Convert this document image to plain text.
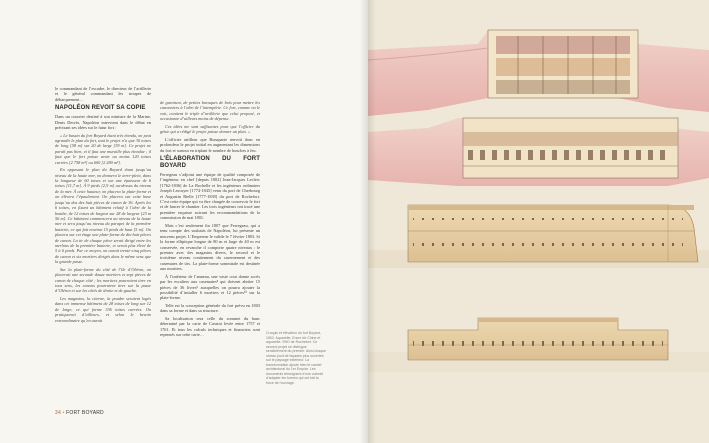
le commandant de l’escadre, le directeur de l’artillerie et le général commandant les troupes de débarquement…

NAPOLÉON REVOIT SA COPIE

Dans un courrier destiné à son ministre de la Marine, Denis Decrès, Napoléon intervient dans le débat en précisant ses idées sur le futur fort :

« Le bassin du fort Boyard étant très étendu, on peut agrandir le plan du fort, tant le projet n’a que 30 toises de long [58 m] sur 20 de large [39 m]. Ce projet ne paraît pas bien, et il faut une muraille plus étendue ; il faut que le fort puisse avoir au moins 120 toises carrées [2 758 m²] ou 600 [2 280 m²].

En opposant le plan du Boyard étant jusqu’au niveau de la haute mer, on donnera le terre-plein, dans la longueur de 60 toises et sur une épaisseur de 6 toises [11,7 m]. À 9 pieds [2,9 m] au-dessus du niveau de la mer. À cette hauteur, on placera la plate-forme et on élèvera l’épaulement. On placera sur cette base jusqu’au dos des huit pièces de canon de 36. Après les 6 toises, en fixant un bâtiment relatif à l’abri de la bombe, de 12 toises de largeur sur 28 de largeur [23 m 56 m]. Ce bâtiment commencera au niveau de la haute mer et sera jusqu’au niveau du parapet de la première batterie, ce qui fait environ 15 pieds de haut [5 m]. On placera sur cet étage une plate-forme de dix-huit pièces de canon. La tir de chaque pièce serait dirigé entre les merlons de la première batterie, et serait plus élevé de 5 à 6 pieds. Par ce moyen, on aurait trente-cinq pièces de canon et six mortiers dirigés dans le même sens que la grande passe.

Sur la plate-forme du côté de l’île d’Oléron, on placerait une seconde douze mortiers et sept pièces de canon de chaque côté ; les mortiers pourraient tirer en tous sens, les canons pourraient tirer sur la passe d’Oléron et sur les côtés de droite et de gauche.

Les magasins, la citerne, la poudre seraient logés dans cet immense bâtiment de 28 toises de long sur 12 de large, ce qui forme 336 toises carrées. On pratiquerait d’ailleurs, et selon le besoin extraordinaire qu’en aurait

de garnison, de petites baraques de bois pour mettre les canonniers à l’abri de l’intempérie. Ce fort, comme on le voit, contient le triple d’artillerie que celui proposé, et occasionne d’ailleurs moins de dépense.

Ces idées me sont suffisantes pour que l’officier du génie qui a rédigé le projet puisse donner un plan. »

L’officier artilleur que Bonaparte renvoit donc en profondeur le projet initial en augmentant les dimensions du fort et surtout en triplant le nombre de bouches à feu.

L’ÉLABORATION DU FORT BOYARD

Ferregeau s’adjoint une équipe de qualité composée de l’ingénieur en chef [depuis 1802] Jean-Jacques Leclerc [1762-1836] de La Rochelle et les ingénieurs ordinaires Joseph Lescuyer [1774-1845] venu du port de Cherbourg et Augustin Bielle [1777-1839] du port de Rochefort. C’est cette équipe qui va être chargée de concevoir le fort et de lancer le chantier. Les trois ingénieurs ont tracé une première esquisse suivant les recommandations de la commission de mai 1801.

Mais c’est seulement fin 1807 que Ferregeau, qui a tenu compte des souhaits de Napoléon, lui présente un nouveau projet. L’Empereur le valide le 7 février 1803. Si la forme elliptique longue de 80 m et large de 40 m est conservée, en revanche il comporte quatre niveaux : le premier avec des magasins divers, le second et le troisième niveau contiennent du casernement et des casemates de tirs. La plate-forme sommitale est destinée aux mortiers.

À l’intérieur de l’anneau, une vaste cour donne accès par les escaliers aux casemates⁸ qui doivent abriter 15 pièces de 36 livres⁹ auxquelles on pourra ajouter la possibilité d’installer 6 mortiers et 12 pièces¹⁰ sur la plate-forme.

Telle est la conception générale du fort prévu en 1803 dans sa forme et dans sa structure.

Sa localisation sera celle du sommet du banc déterminé par la carte de Cassini levée entre 1757 et 1761. Et tous les calculs techniques et financiers sont repensés sur cette carte…	Croquis et élévation du fort Boyard, 1802. Aquarelle, Encre de Chine et aquarelle. SHD de Rochefort. Ce second projet se distingue sensiblement du premier. Ainsi chaque niveau jouit de façades plus ouvertes sur le paysage extérieur. La transformation ajoute bien le cachet architectural du 1er Empire. Les documents témoignent d’une volonté d’adapter les formes qui ont fait la force de l’ouvrage.
34 • FORT BOYARD
